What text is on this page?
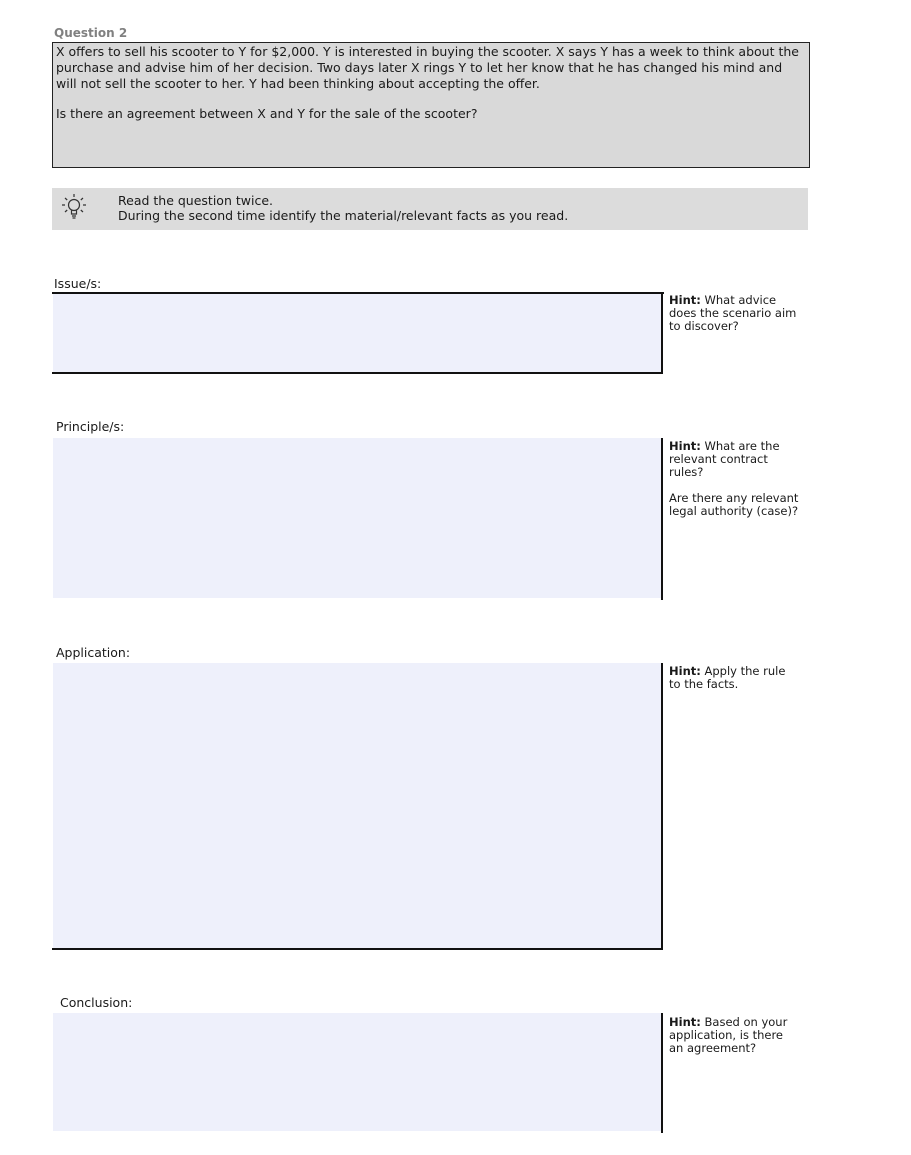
Question 2

X offers to sell his scooter to Y for $2,000. Y is interested in buying the scooter. X says Y has a week to think about the purchase and advise him of her decision. Two days later X rings Y to let her know that he has changed his mind and will not sell the scooter to her. Y had been thinking about accepting the offer.

Is there an agreement between X and Y for the sale of the scooter?

Read the question twice.
During the second time identify the material/relevant facts as you read.
Issue/s:

Hint: What advice does the scenario aim to discover?

Principle/s:

Hint: What are the relevant contract rules?

Are there any relevant legal authority (case)?

Application:

Hint: Apply the rule to the facts.

Conclusion:

Hint: Based on your application, is there an agreement?
